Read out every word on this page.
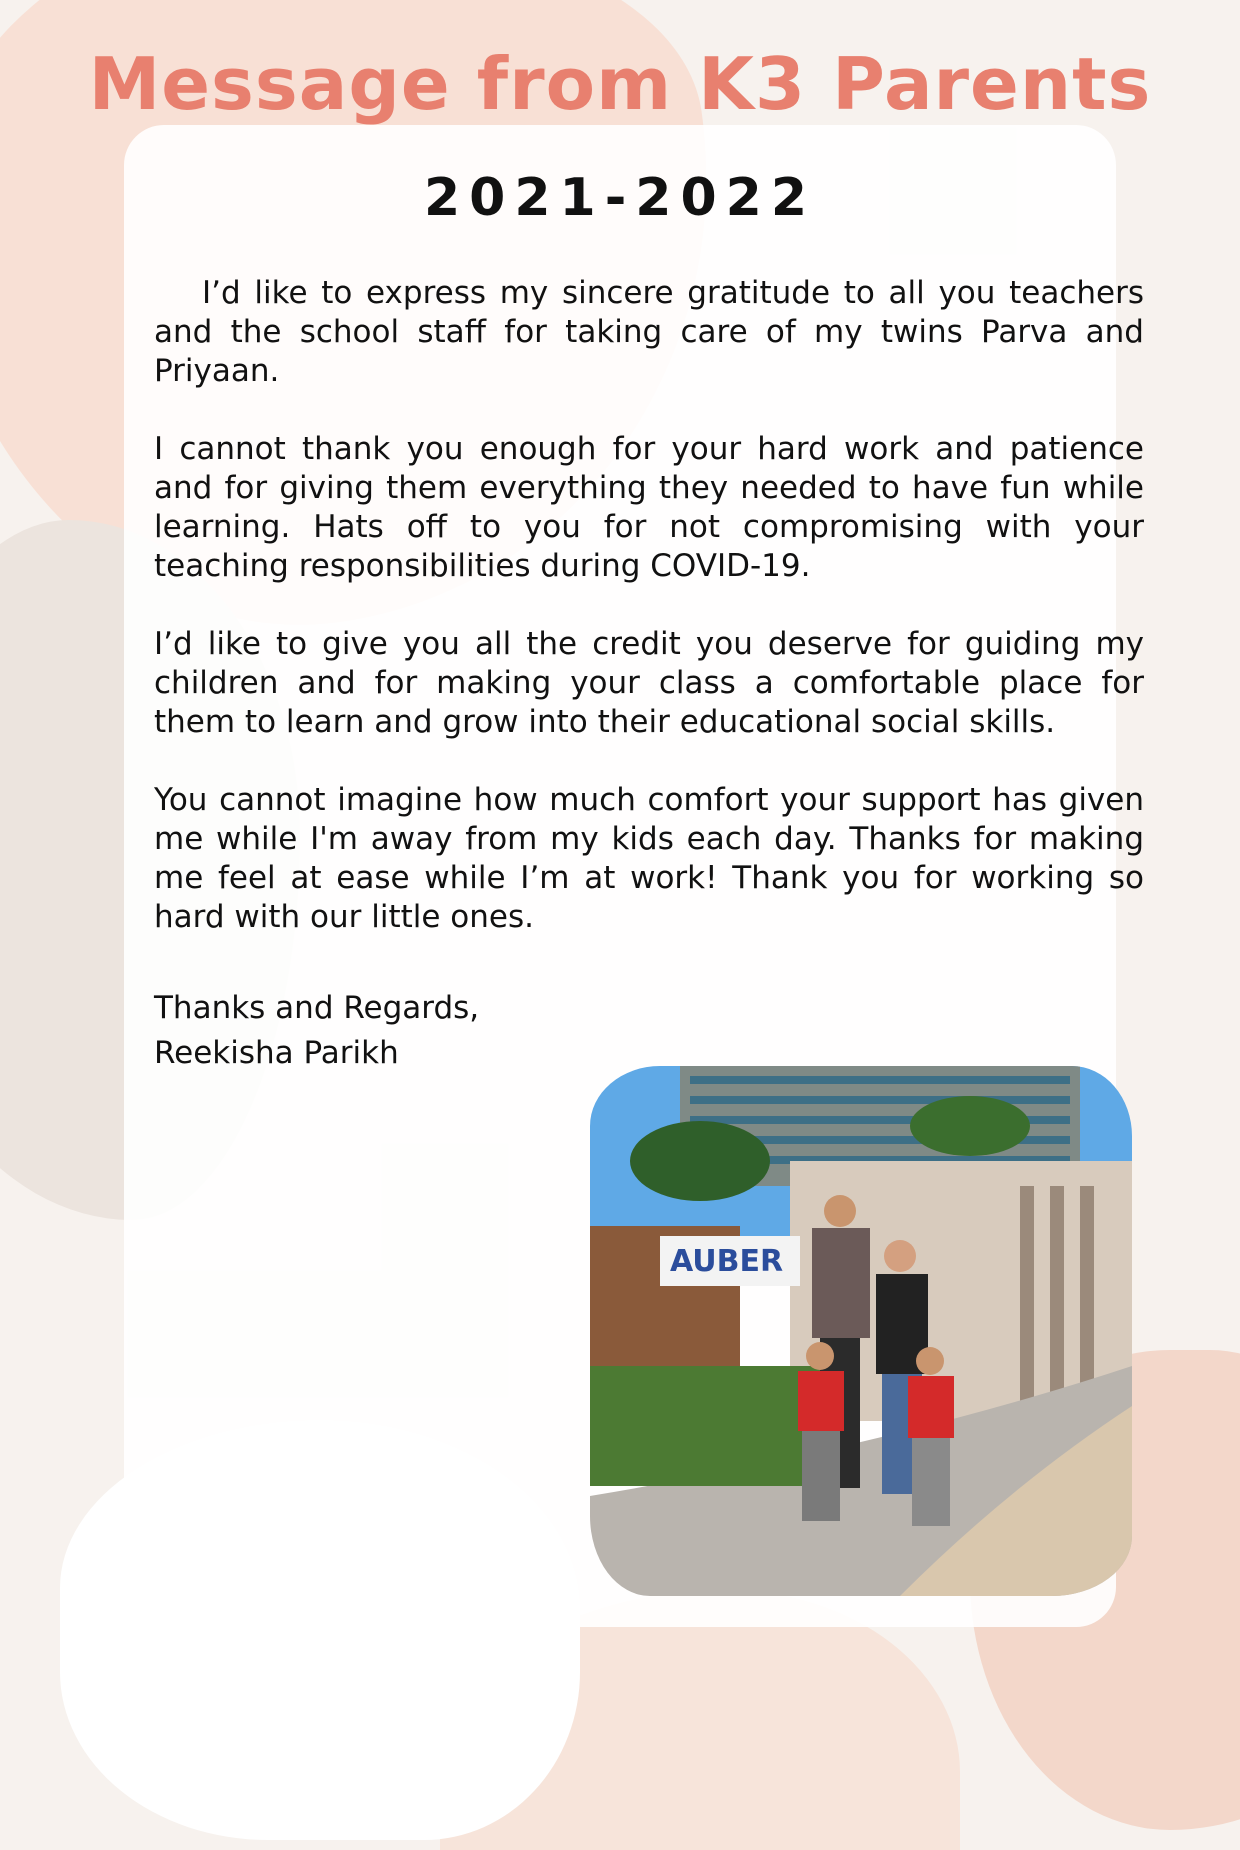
Message from K3 Parents
2021-2022

I’d like to express my sincere gratitude to all you teachers and the school staff for taking care of my twins Parva and Priyaan.

I cannot thank you enough for your hard work and patience and for giving them everything they needed to have fun while learning. Hats off to you for not compromising with your teaching responsibilities during COVID-19.

I’d like to give you all the credit you deserve for guiding my children and for making your class a comfortable place for them to learn and grow into their educational social skills.

You cannot imagine how much comfort your support has given me while I'm away from my kids each day. Thanks for making me feel at ease while I’m at work! Thank you for working so hard with our little ones.

Thanks and Regards,
Reekisha Parikh
AUBER
